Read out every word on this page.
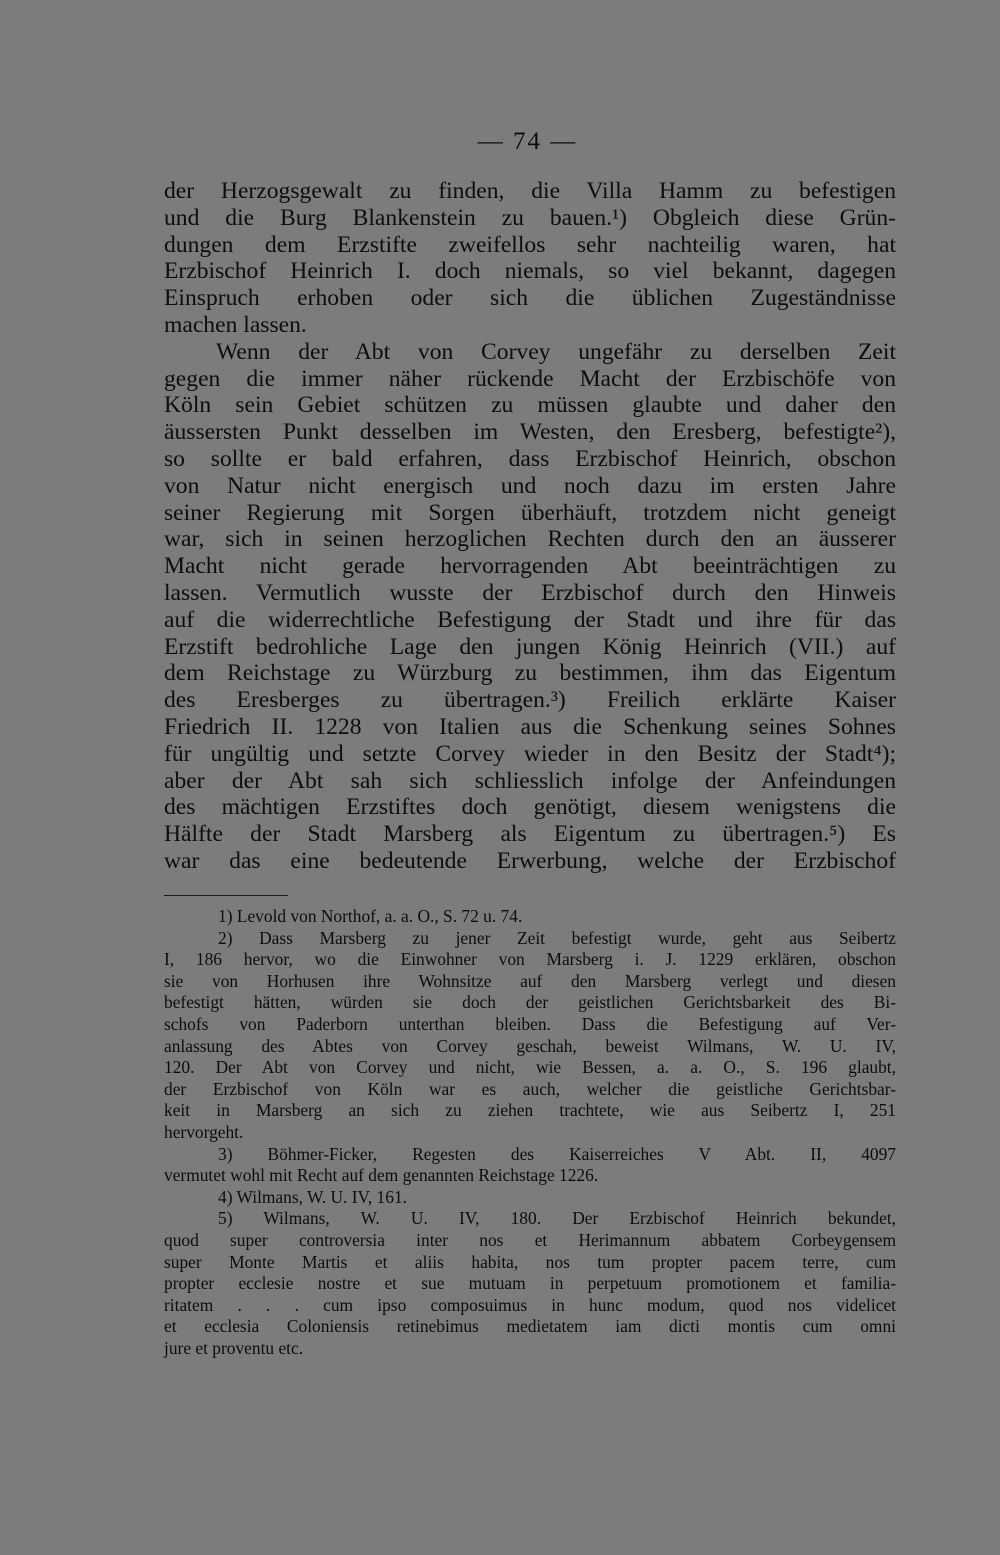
— 74 —
der Herzogsgewalt zu finden, die Villa Hamm zu befestigen
und die Burg Blankenstein zu bauen.¹) Obgleich diese Grün-
dungen dem Erzstifte zweifellos sehr nachteilig waren, hat
Erzbischof Heinrich I. doch niemals, so viel bekannt, dagegen
Einspruch erhoben oder sich die üblichen Zugeständnisse
machen lassen.
Wenn der Abt von Corvey ungefähr zu derselben Zeit
gegen die immer näher rückende Macht der Erzbischöfe von
Köln sein Gebiet schützen zu müssen glaubte und daher den
äussersten Punkt desselben im Westen, den Eresberg, befestigte²),
so sollte er bald erfahren, dass Erzbischof Heinrich, obschon
von Natur nicht energisch und noch dazu im ersten Jahre
seiner Regierung mit Sorgen überhäuft, trotzdem nicht geneigt
war, sich in seinen herzoglichen Rechten durch den an äusserer
Macht nicht gerade hervorragenden Abt beeinträchtigen zu
lassen. Vermutlich wusste der Erzbischof durch den Hinweis
auf die widerrechtliche Befestigung der Stadt und ihre für das
Erzstift bedrohliche Lage den jungen König Heinrich (VII.) auf
dem Reichstage zu Würzburg zu bestimmen, ihm das Eigentum
des Eresberges zu übertragen.³) Freilich erklärte Kaiser
Friedrich II. 1228 von Italien aus die Schenkung seines Sohnes
für ungültig und setzte Corvey wieder in den Besitz der Stadt⁴);
aber der Abt sah sich schliesslich infolge der Anfeindungen
des mächtigen Erzstiftes doch genötigt, diesem wenigstens die
Hälfte der Stadt Marsberg als Eigentum zu übertragen.⁵) Es
war das eine bedeutende Erwerbung, welche der Erzbischof
1) Levold von Northof, a. a. O., S. 72 u. 74.
2) Dass Marsberg zu jener Zeit befestigt wurde, geht aus Seibertz
I, 186 hervor, wo die Einwohner von Marsberg i. J. 1229 erklären, obschon
sie von Horhusen ihre Wohnsitze auf den Marsberg verlegt und diesen
befestigt hätten, würden sie doch der geistlichen Gerichtsbarkeit des Bi-
schofs von Paderborn unterthan bleiben. Dass die Befestigung auf Ver-
anlassung des Abtes von Corvey geschah, beweist Wilmans, W. U. IV,
120. Der Abt von Corvey und nicht, wie Bessen, a. a. O., S. 196 glaubt,
der Erzbischof von Köln war es auch, welcher die geistliche Gerichtsbar-
keit in Marsberg an sich zu ziehen trachtete, wie aus Seibertz I, 251
hervorgeht.
3) Böhmer-Ficker, Regesten des Kaiserreiches V Abt. II, 4097
vermutet wohl mit Recht auf dem genannten Reichstage 1226.
4) Wilmans, W. U. IV, 161.
5) Wilmans, W. U. IV, 180. Der Erzbischof Heinrich bekundet,
quod super controversia inter nos et Herimannum abbatem Corbeygensem
super Monte Martis et aliis habita, nos tum propter pacem terre, cum
propter ecclesie nostre et sue mutuam in perpetuum promotionem et familia-
ritatem . . . cum ipso composuimus in hunc modum, quod nos videlicet
et ecclesia Coloniensis retinebimus medietatem iam dicti montis cum omni
jure et proventu etc.
